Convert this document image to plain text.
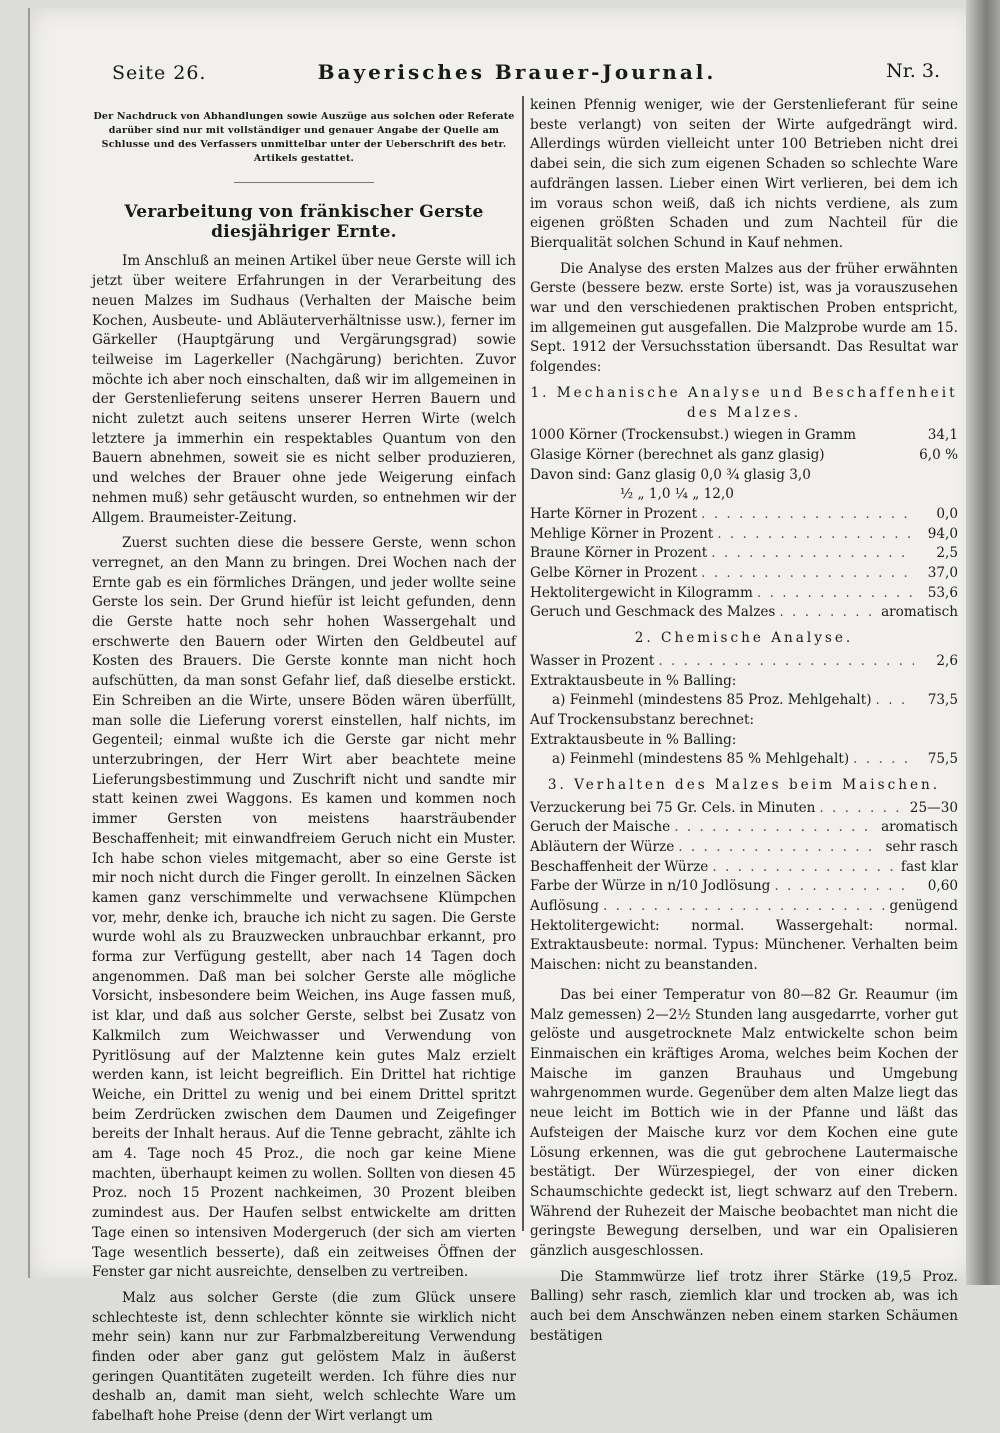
Seite 26.	Bayerisches Brauer-Journal.	Nr. 3.
Der Nachdruck von Abhandlungen sowie Auszüge aus solchen oder Referate darüber sind nur mit vollständiger und genauer Angabe der Quelle am Schlusse und des Verfassers unmittelbar unter der Ueberschrift des betr. Artikels gestattet.
Verarbeitung von fränkischer Gerste diesjähriger Ernte.

Im Anschluß an meinen Artikel über neue Gerste will ich jetzt über weitere Erfahrungen in der Verarbeitung des neuen Malzes im Sudhaus (Verhalten der Maische beim Kochen, Ausbeute- und Abläuterverhältnisse usw.), ferner im Gärkeller (Hauptgärung und Vergärungsgrad) sowie teilweise im Lagerkeller (Nachgärung) berichten. Zuvor möchte ich aber noch einschalten, daß wir im allgemeinen in der Gerstenlieferung seitens unserer Herren Bauern und nicht zuletzt auch seitens unserer Herren Wirte (welch letztere ja immerhin ein respektables Quantum von den Bauern abnehmen, soweit sie es nicht selber produzieren, und welches der Brauer ohne jede Weigerung einfach nehmen muß) sehr getäuscht wurden, so entnehmen wir der Allgem. Braumeister-Zeitung.

Zuerst suchten diese die bessere Gerste, wenn schon verregnet, an den Mann zu bringen. Drei Wochen nach der Ernte gab es ein förmliches Drängen, und jeder wollte seine Gerste los sein. Der Grund hiefür ist leicht gefunden, denn die Gerste hatte noch sehr hohen Wassergehalt und erschwerte den Bauern oder Wirten den Geldbeutel auf Kosten des Brauers. Die Gerste konnte man nicht hoch aufschütten, da man sonst Gefahr lief, daß dieselbe erstickt. Ein Schreiben an die Wirte, unsere Böden wären überfüllt, man solle die Lieferung vorerst einstellen, half nichts, im Gegenteil; einmal wußte ich die Gerste gar nicht mehr unterzubringen, der Herr Wirt aber beachtete meine Lieferungsbestimmung und Zuschrift nicht und sandte mir statt keinen zwei Waggons. Es kamen und kommen noch immer Gersten von meistens haarsträubender Beschaffenheit; mit einwandfreiem Geruch nicht ein Muster. Ich habe schon vieles mitgemacht, aber so eine Gerste ist mir noch nicht durch die Finger gerollt. In einzelnen Säcken kamen ganz verschimmelte und verwachsene Klümpchen vor, mehr, denke ich, brauche ich nicht zu sagen. Die Gerste wurde wohl als zu Brauzwecken unbrauchbar erkannt, pro forma zur Verfügung gestellt, aber nach 14 Tagen doch angenommen. Daß man bei solcher Gerste alle mögliche Vorsicht, insbesondere beim Weichen, ins Auge fassen muß, ist klar, und daß aus solcher Gerste, selbst bei Zusatz von Kalkmilch zum Weichwasser und Verwendung von Pyritlösung auf der Malztenne kein gutes Malz erzielt werden kann, ist leicht begreiflich. Ein Drittel hat richtige Weiche, ein Drittel zu wenig und bei einem Drittel spritzt beim Zerdrücken zwischen dem Daumen und Zeigefinger bereits der Inhalt heraus. Auf die Tenne gebracht, zählte ich am 4. Tage noch 45 Proz., die noch gar keine Miene machten, überhaupt keimen zu wollen. Sollten von diesen 45 Proz. noch 15 Prozent nachkeimen, 30 Prozent bleiben zumindest aus. Der Haufen selbst entwickelte am dritten Tage einen so intensiven Modergeruch (der sich am vierten Tage wesentlich besserte), daß ein zeitweises Öffnen der Fenster gar nicht ausreichte, denselben zu vertreiben.

Malz aus solcher Gerste (die zum Glück unsere schlechteste ist, denn schlechter könnte sie wirklich nicht mehr sein) kann nur zur Farbmalzbereitung Verwendung finden oder aber ganz gut gelöstem Malz in äußerst geringen Quantitäten zugeteilt werden. Ich führe dies nur deshalb an, damit man sieht, welch schlechte Ware um fabelhaft hohe Preise (denn der Wirt verlangt um

keinen Pfennig weniger, wie der Gerstenlieferant für seine beste verlangt) von seiten der Wirte aufgedrängt wird. Allerdings würden vielleicht unter 100 Betrieben nicht drei dabei sein, die sich zum eigenen Schaden so schlechte Ware aufdrängen lassen. Lieber einen Wirt verlieren, bei dem ich im voraus schon weiß, daß ich nichts verdiene, als zum eigenen größten Schaden und zum Nachteil für die Bierqualität solchen Schund in Kauf nehmen.

Die Analyse des ersten Malzes aus der früher erwähnten Gerste (bessere bezw. erste Sorte) ist, was ja vorauszusehen war und den verschiedenen praktischen Proben entspricht, im allgemeinen gut ausgefallen. Die Malzprobe wurde am 15. Sept. 1912 der Versuchsstation übersandt. Das Resultat war folgendes:

1. Mechanische Analyse und Beschaffenheit des Malzes.
1000 Körner (Trockensubst.) wiegen in Gramm	34,1
Glasige Körner (berechnet als ganz glasig)	6,0 %
Davon sind: Ganz glasig 0,0 ¾ glasig 3,0
½ „ 1,0 ¼ „ 12,0
Harte Körner in Prozent . . .	0,0
Mehlige Körner in Prozent . . .	94,0
Braune Körner in Prozent . . .	2,5
Gelbe Körner in Prozent . . .	37,0
Hektolitergewicht in Kilogramm . . .	53,6
Geruch und Geschmack des Malzes . . .	aromatisch
2. Chemische Analyse.
Wasser in Prozent . . .	2,6
Extraktausbeute in % Balling:
a) Feinmehl (mindestens 85 Proz. Mehlgehalt) . . .	73,5
Auf Trockensubstanz berechnet:
Extraktausbeute in % Balling:
a) Feinmehl (mindestens 85 % Mehlgehalt) . . .	75,5
3. Verhalten des Malzes beim Maischen.
Verzuckerung bei 75 Gr. Cels. in Minuten . . .	25—30
Geruch der Maische . . .	aromatisch
Abläutern der Würze . . .	sehr rasch
Beschaffenheit der Würze . . .	fast klar
Farbe der Würze in n/10 Jodlösung . . .	0,60
Auflösung . . .	genügend

Hektolitergewicht: normal. Wassergehalt: normal. Extraktausbeute: normal. Typus: Münchener. Verhalten beim Maischen: nicht zu beanstanden.

Das bei einer Temperatur von 80—82 Gr. Reaumur (im Malz gemessen) 2—2½ Stunden lang ausgedarrte, vorher gut gelöste und ausgetrocknete Malz entwickelte schon beim Einmaischen ein kräftiges Aroma, welches beim Kochen der Maische im ganzen Brauhaus und Umgebung wahrgenommen wurde. Gegenüber dem alten Malze liegt das neue leicht im Bottich wie in der Pfanne und läßt das Aufsteigen der Maische kurz vor dem Kochen eine gute Lösung erkennen, was die gut gebrochene Lautermaische bestätigt. Der Würzespiegel, der von einer dicken Schaumschichte gedeckt ist, liegt schwarz auf den Trebern. Während der Ruhezeit der Maische beobachtet man nicht die geringste Bewegung derselben, und war ein Opalisieren gänzlich ausgeschlossen.

Die Stammwürze lief trotz ihrer Stärke (19,5 Proz. Balling) sehr rasch, ziemlich klar und trocken ab, was ich auch bei dem Anschwänzen neben einem starken Schäumen bestätigen
